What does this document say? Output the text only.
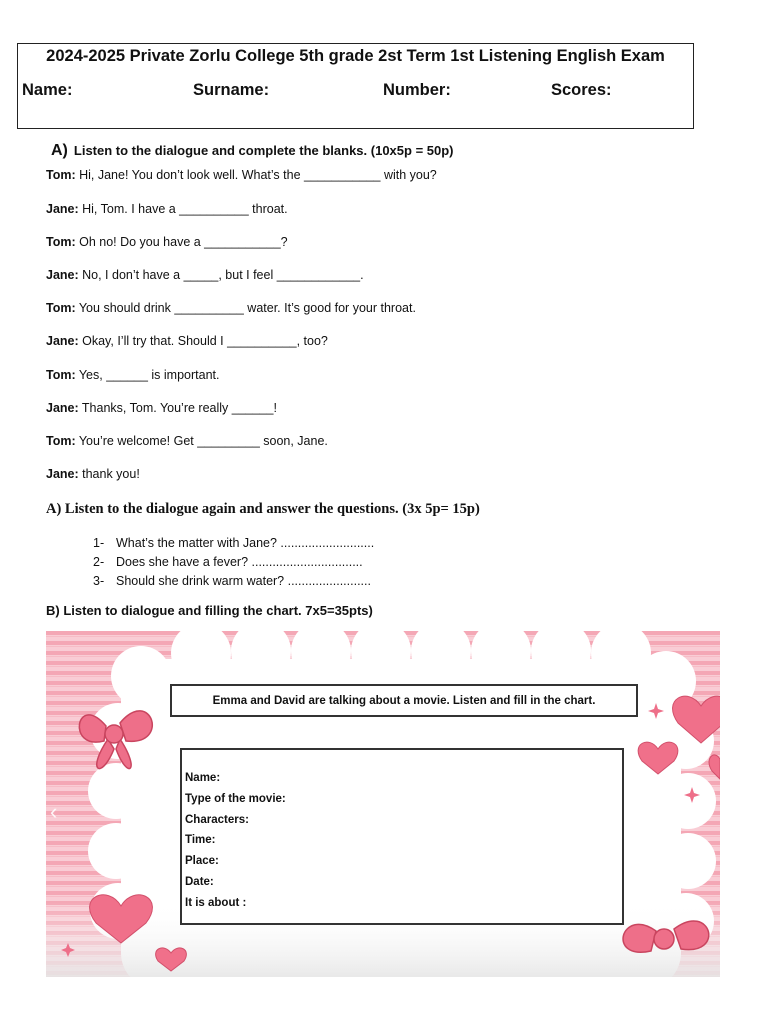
2024-2025 Private Zorlu College 5th grade 2st Term 1st Listening English Exam
Name:	Surname:	Number:	Scores:
A) Listen to the dialogue and complete the blanks. (10x5p = 50p)
Tom: Hi, Jane! You don’t look well. What’s the ___________ with you?
Jane: Hi, Tom. I have a __________ throat.
Tom: Oh no! Do you have a ___________?
Jane: No, I don’t have a _____, but I feel ____________.
Tom: You should drink __________ water. It’s good for your throat.
Jane: Okay, I’ll try that. Should I __________, too?
Tom: Yes, ______ is important.
Jane: Thanks, Tom. You’re really ______!
Tom: You’re welcome! Get _________ soon, Jane.
Jane: thank you!
A) Listen to the dialogue again and answer the questions. (3x 5p= 15p)
1- What’s the matter with Jane? ...........................
2- Does she have a fever? ................................
3- Should she drink warm water? ........................
B) Listen to dialogue and filling the chart. 7x5=35pts)
Emma and David are talking about a movie. Listen and fill in the chart.
Name:
Type of the movie:
Characters:
Time:
Place:
Date:
It is about :
‹
